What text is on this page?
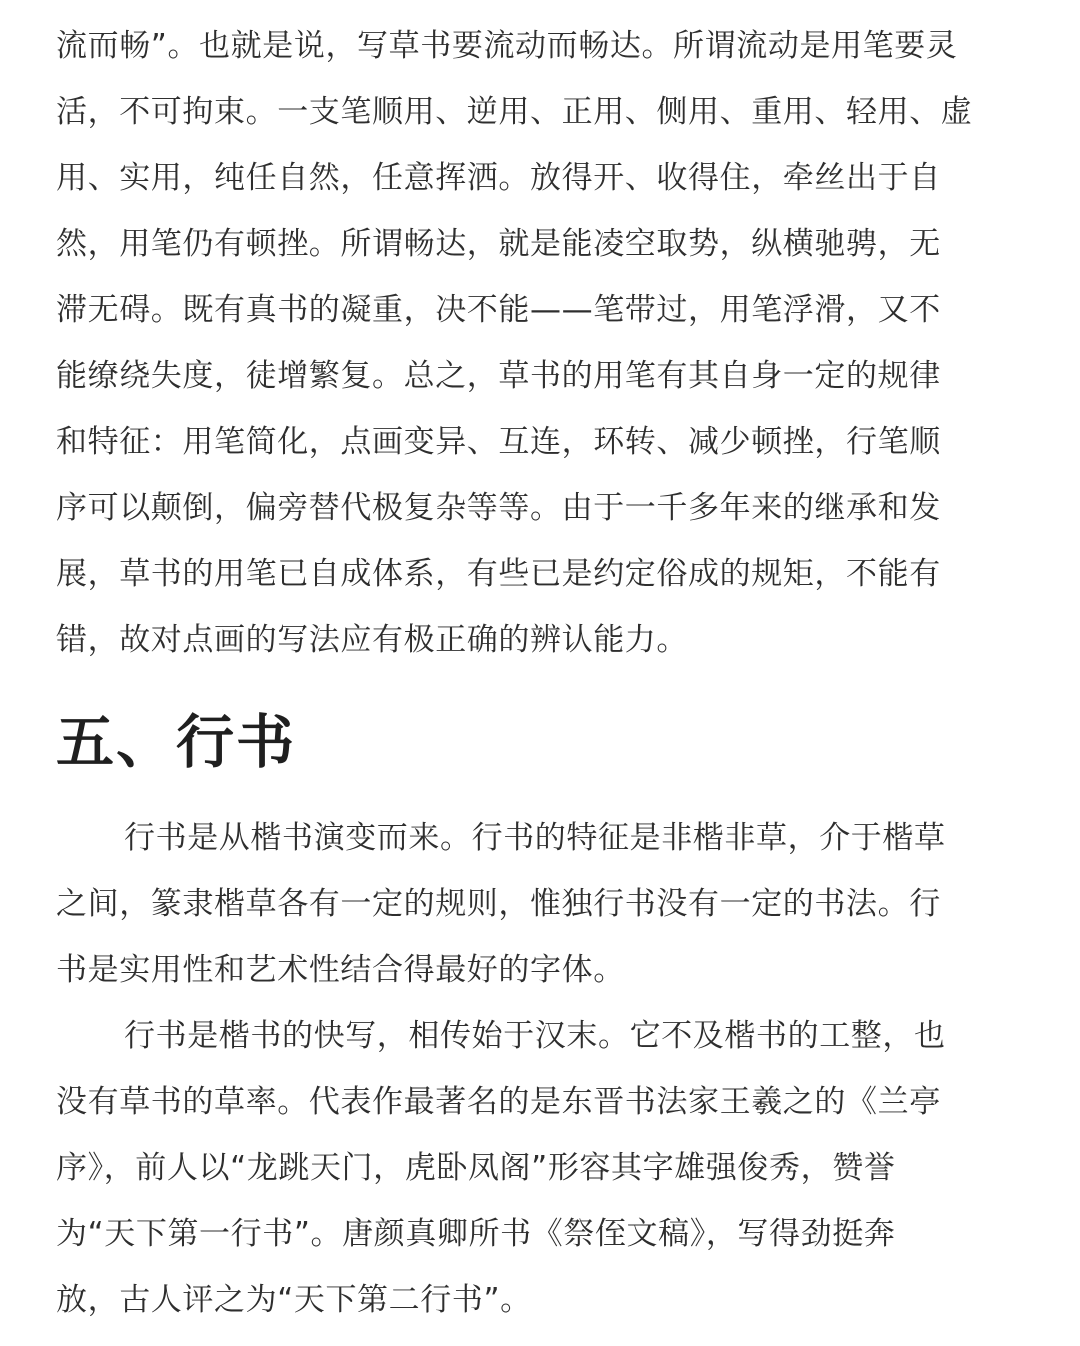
流而畅”。也就是说，写草书要流动而畅达。所谓流动是用笔要灵
活，不可拘束。一支笔顺用、逆用、正用、侧用、重用、轻用、虚
用、实用，纯任自然，任意挥洒。放得开、收得住，牵丝出于自
然，用笔仍有顿挫。所谓畅达，就是能凌空取势，纵横驰骋，无
滞无碍。既有真书的凝重，决不能——笔带过，用笔浮滑，又不
能缭绕失度，徒增繁复。总之，草书的用笔有其自身一定的规律
和特征：用笔简化，点画变异、互连，环转、减少顿挫，行笔顺
序可以颠倒，偏旁替代极复杂等等。由于一千多年来的继承和发
展，草书的用笔已自成体系，有些已是约定俗成的规矩，不能有
错，故对点画的写法应有极正确的辨认能力。
五、行书
行书是从楷书演变而来。行书的特征是非楷非草，介于楷草
之间，篆隶楷草各有一定的规则，惟独行书没有一定的书法。行
书是实用性和艺术性结合得最好的字体。
行书是楷书的快写，相传始于汉末。它不及楷书的工整，也
没有草书的草率。代表作最著名的是东晋书法家王羲之的《兰亭
序》，前人以“龙跳天门，虎卧凤阁”形容其字雄强俊秀，赞誉
为“天下第一行书”。唐颜真卿所书《祭侄文稿》，写得劲挺奔
放，古人评之为“天下第二行书”。
